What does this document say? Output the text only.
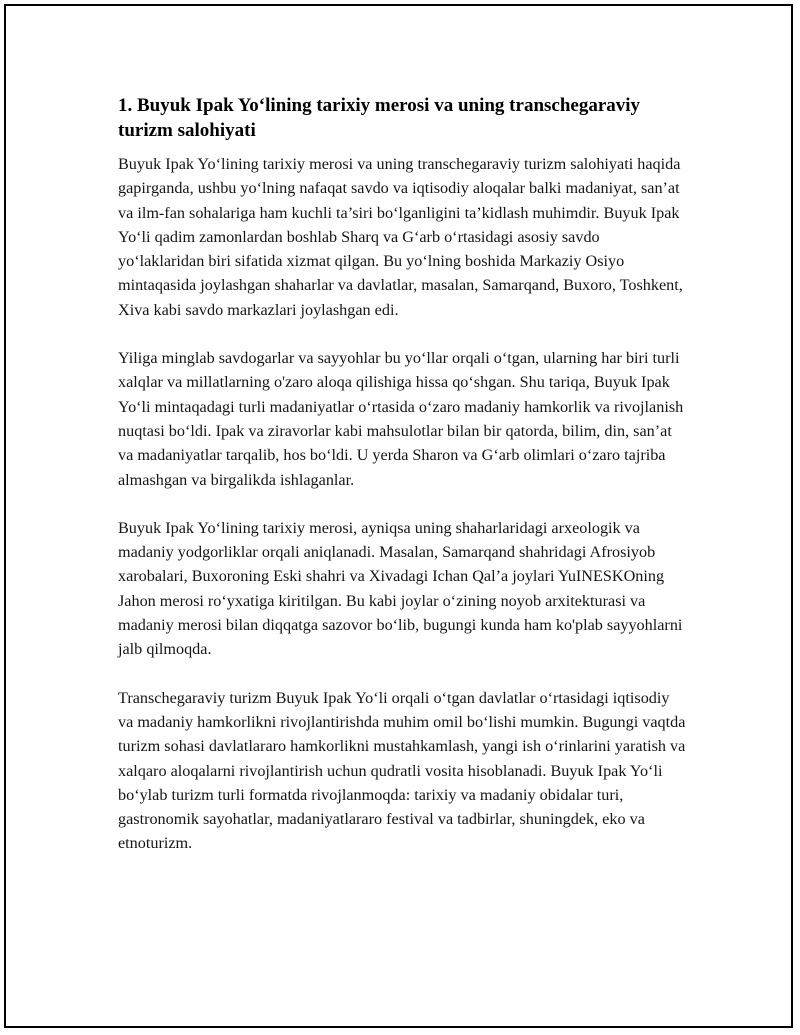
1. Buyuk Ipak Yo‘lining tarixiy merosi va uning transchegaraviy turizm salohiyati

Buyuk Ipak Yo‘lining tarixiy merosi va uning transchegaraviy turizm salohiyati haqida gapirganda, ushbu yo‘lning nafaqat savdo va iqtisodiy aloqalar balki madaniyat, san’at va ilm-fan sohalariga ham kuchli ta’siri bo‘lganligini ta’kidlash muhimdir. Buyuk Ipak Yo‘li qadim zamonlardan boshlab Sharq va G‘arb o‘rtasidagi asosiy savdo yo‘laklaridan biri sifatida xizmat qilgan. Bu yo‘lning boshida Markaziy Osiyo mintaqasida joylashgan shaharlar va davlatlar, masalan, Samarqand, Buxoro, Toshkent, Xiva kabi savdo markazlari joylashgan edi.

Yiliga minglab savdogarlar va sayyohlar bu yo‘llar orqali o‘tgan, ularning har biri turli xalqlar va millatlarning o'zaro aloqa qilishiga hissa qo‘shgan. Shu tariqa, Buyuk Ipak Yo‘li mintaqadagi turli madaniyatlar o‘rtasida o‘zaro madaniy hamkorlik va rivojlanish nuqtasi bo‘ldi. Ipak va ziravorlar kabi mahsulotlar bilan bir qatorda, bilim, din, san’at va madaniyatlar tarqalib, hos bo‘ldi. U yerda Sharon va G‘arb olimlari o‘zaro tajriba almashgan va birgalikda ishlaganlar.

Buyuk Ipak Yo‘lining tarixiy merosi, ayniqsa uning shaharlaridagi arxeologik va madaniy yodgorliklar orqali aniqlanadi. Masalan, Samarqand shahridagi Afrosiyob xarobalari, Buxoroning Eski shahri va Xivadagi Ichan Qal’a joylari YuINESKOning Jahon merosi ro‘yxatiga kiritilgan. Bu kabi joylar o‘zining noyob arxitekturasi va madaniy merosi bilan diqqatga sazovor bo‘lib, bugungi kunda ham ko'plab sayyohlarni jalb qilmoqda.

Transchegaraviy turizm Buyuk Ipak Yo‘li orqali o‘tgan davlatlar o‘rtasidagi iqtisodiy va madaniy hamkorlikni rivojlantirishda muhim omil bo‘lishi mumkin. Bugungi vaqtda turizm sohasi davlatlararo hamkorlikni mustahkamlash, yangi ish o‘rinlarini yaratish va xalqaro aloqalarni rivojlantirish uchun qudratli vosita hisoblanadi. Buyuk Ipak Yo‘li bo‘ylab turizm turli formatda rivojlanmoqda: tarixiy va madaniy obidalar turi, gastronomik sayohatlar, madaniyatlararo festival va tadbirlar, shuningdek, eko va etnoturizm.
